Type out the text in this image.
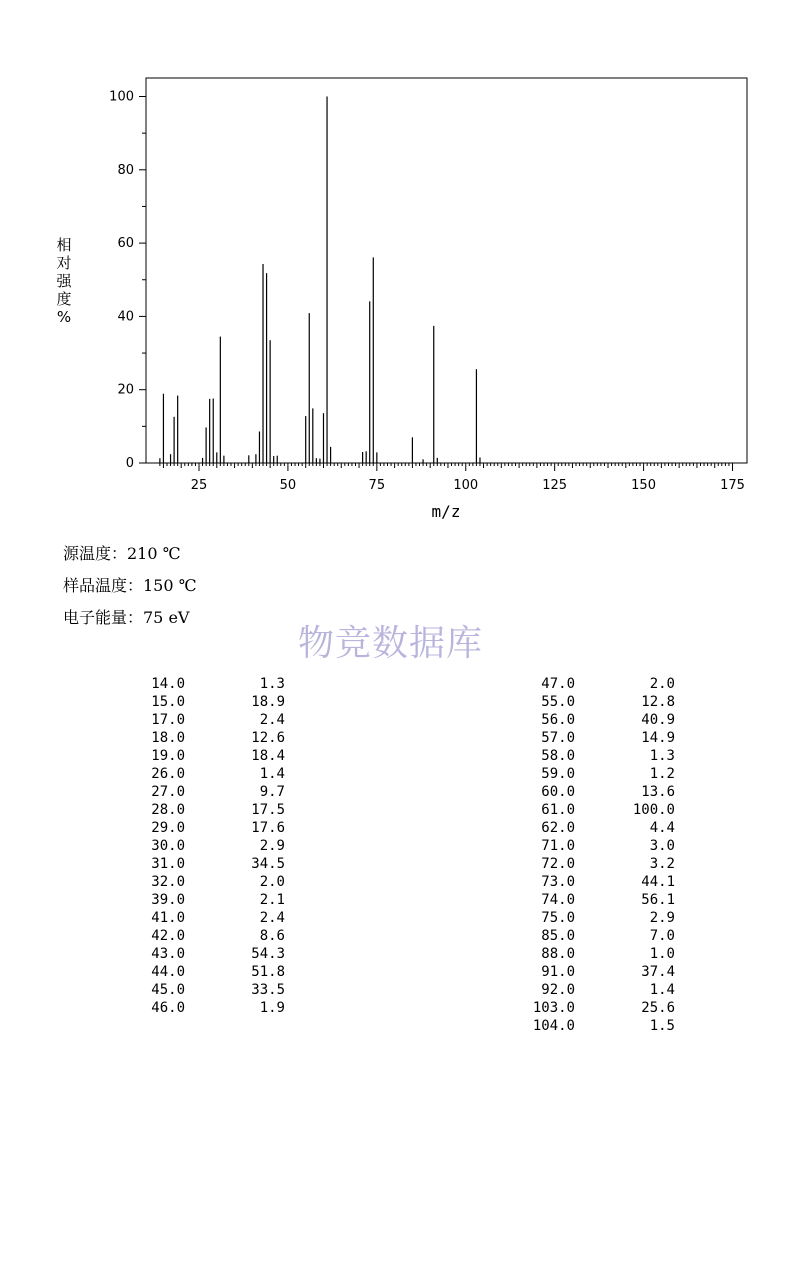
0
20
40
60
80
100
25	50	75	100	125	150	175
相
对
强
度
%
m/z
源温度：210 ℃
样品温度：150 ℃
电子能量：75 eV
物竞数据库
14.0	1.3
15.0	18.9
17.0	2.4
18.0	12.6
19.0	18.4
26.0	1.4
27.0	9.7
28.0	17.5
29.0	17.6
30.0	2.9
31.0	34.5
32.0	2.0
39.0	2.1
41.0	2.4
42.0	8.6
43.0	54.3
44.0	51.8
45.0	33.5
46.0	1.9
47.0	2.0
55.0	12.8
56.0	40.9
57.0	14.9
58.0	1.3
59.0	1.2
60.0	13.6
61.0	100.0
62.0	4.4
71.0	3.0
72.0	3.2
73.0	44.1
74.0	56.1
75.0	2.9
85.0	7.0
88.0	1.0
91.0	37.4
92.0	1.4
103.0	25.6
104.0	1.5
